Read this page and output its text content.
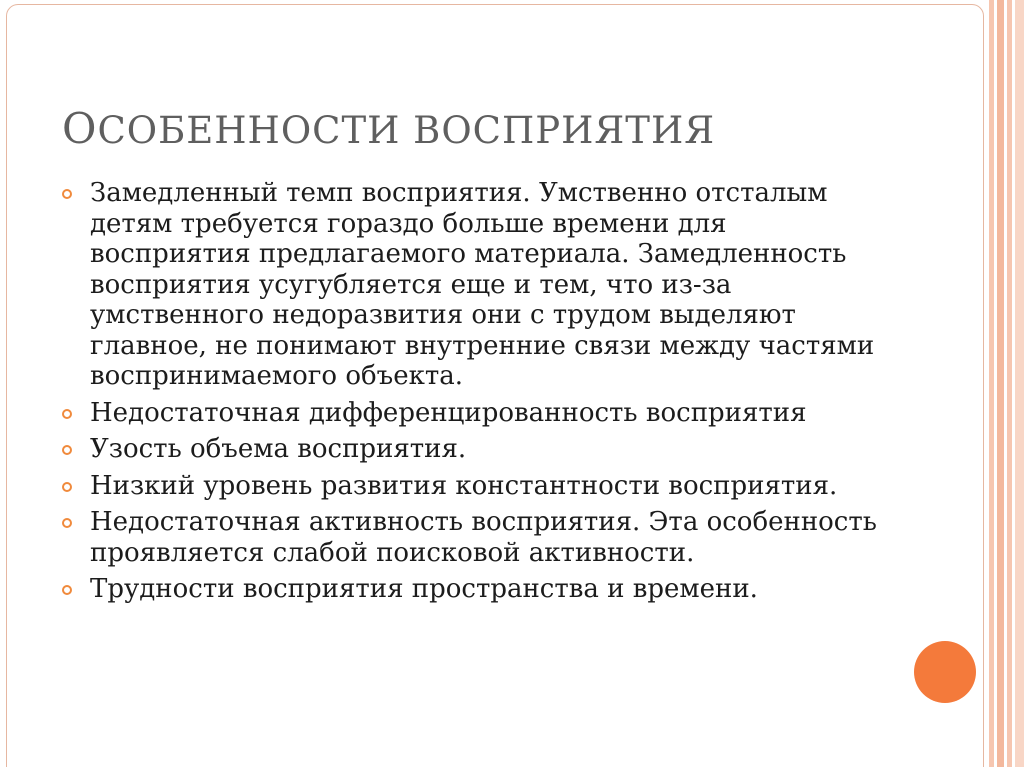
ОСОБЕННОСТИ ВОСПРИЯТИЯ
Замедленный темп восприятия. Умственно отсталым детям требуется гораздо больше времени для восприятия предлагаемого материала. Замедленность восприятия усугубляется еще и тем, что из-за умственного недоразвития они с трудом выделяют главное, не понимают внутренние связи между частями воспринимаемого объекта.
Недостаточная дифференцированность восприятия
Узость объема восприятия.
Низкий уровень развития константности восприятия.
Недостаточная активность восприятия. Эта особенность проявляется слабой поисковой активности.
Трудности восприятия пространства и времени.
